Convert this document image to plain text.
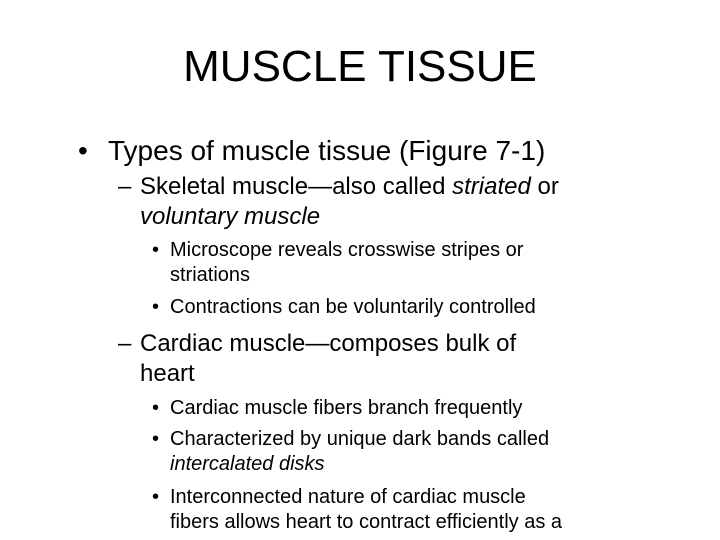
MUSCLE TISSUE
• Types of muscle tissue (Figure 7-1)
– Skeletal muscle—also called striated or
voluntary muscle
• Microscope reveals crosswise stripes or
striations
• Contractions can be voluntarily controlled
– Cardiac muscle—composes bulk of
heart
• Cardiac muscle fibers branch frequently
• Characterized by unique dark bands called
intercalated disks
• Interconnected nature of cardiac muscle
fibers allows heart to contract efficiently as a
